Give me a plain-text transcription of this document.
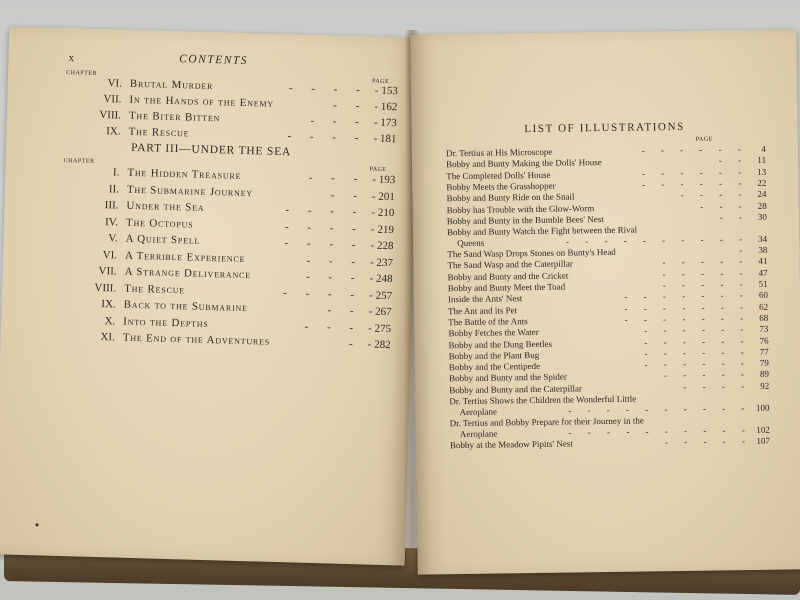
x	CONTENTS
CHAPTER
PAGE
PART III—UNDER THE SEA
CHAPTER
PAGE
VI. Brutal Murder	- - - - - 153
VII. In the Hands of the Enemy	- - - 162
VIII. The Biter Bitten	- - - - 173
IX. The Rescue	- - - - - 181
I. The Hidden Treasure	- - - - 193
II. The Submarine Journey	- - - 201
III. Under the Sea	- - - - - 210
IV. The Octopus	- - - - - 219
V. A Quiet Spell	- - - - - 228
VI. A Terrible Experience	- - - - 237
VII. A Strange Deliverance	- - - - 248
VIII. The Rescue	- - - - - 257
IX. Back to the Submarine	- - - 267
X. Into the Depths	- - - - 275
XI. The End of the Adventures	- - 282
LIST OF ILLUSTRATIONS
PAGE
Dr. Tertius at His Microscope	- - - - - - 4
Bobby and Bunty Making the Dolls' House	- - 11
The Completed Dolls' House	- - - - - - 13
Bobby Meets the Grasshopper	- - - - - - 22
Bobby and Bunty Ride on the Snail	- - - - 24
Bobby has Trouble with the Glow-Worm	- - - 28
Bobby and Bunty in the Bumble Bees' Nest	- - 30
Bobby and Bunty Watch the Fight between the Rival
Queens	- - - - - - - - - - 34
The Sand Wasp Drops Stones on Bunty's Head	- 38
The Sand Wasp and the Caterpillar	- - - - - 41
Bobby and Bunty and the Cricket	- - - - - 47
Bobby and Bunty Meet the Toad	- - - - - 51
Inside the Ants' Nest	- - - - - - - 60
The Ant and its Pet	- - - - - - - 62
The Battle of the Ants	- - - - - - - 68
Bobby Fetches the Water	- - - - - - 73
Bobby and the Dung Beetles	- - - - - - 76
Bobby and the Plant Bug	- - - - - - 77
Bobby and the Centipede	- - - - - - 79
Bobby and Bunty and the Spider	- - - - - 89
Bobby and Bunty and the Caterpillar	- - - - 92
Dr. Tertius Shows the Children the Wonderful Little
Aeroplane	- - - - - - - - - - 100
Dr. Tertius and Bobby Prepare for their Journey in the
Aeroplane	- - - - - - - - - - 102
Bobby at the Meadow Pipits' Nest	- - - - - 107
